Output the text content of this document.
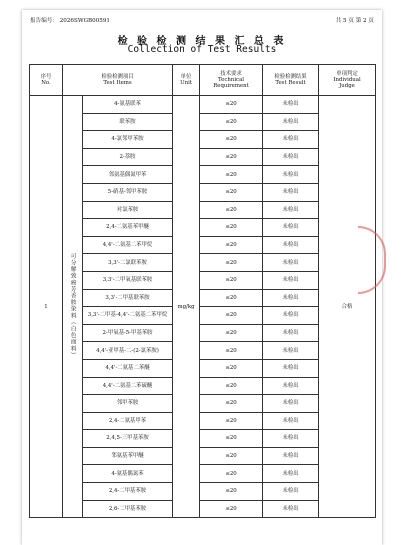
报告编号： 2026SWGB00591	共 5 页 第 2 页
检 验 检 测 结 果 汇 总 表
Collection of Test Results
序号
No.	检验检测项目
Test Items		单位
Unit	技术要求
Technical
Requirement	检验检测结果
Test Result	单项判定
Individual
Judge
1	可分解致癌芳香胺染料（白色面料）	4-氨基联苯	mg/kg	≤20	未检出	合格
		联苯胺		≤20	未检出	
		4-氯邻甲苯胺		≤20	未检出	
		2-萘胺		≤20	未检出	
		邻氨基偶氮甲苯		≤20	未检出	
		5-硝基-邻甲苯胺		≤20	未检出	
		对氯苯胺		≤20	未检出	
		2,4-二氨基苯甲醚		≤20	未检出	
		4,4'-二氨基二苯甲烷		≤20	未检出	
		3,3'-二氯联苯胺		≤20	未检出	
		3,3'-二甲氧基联苯胺		≤20	未检出	
		3,3'-二甲基联苯胺		≤20	未检出	
		3,3'-二甲基-4,4'-二氨基二苯甲烷		≤20	未检出	
		2-甲氧基-5-甲基苯胺		≤20	未检出	
		4,4'-亚甲基-二-(2-氯苯胺)		≤20	未检出	
		4,4'-二氨基二苯醚		≤20	未检出	
		4,4'-二氨基二苯硫醚		≤20	未检出	
		邻甲苯胺		≤20	未检出	
		2,4-二氨基甲苯		≤20	未检出	
		2,4,5-三甲基苯胺		≤20	未检出	
		邻氨基苯甲醚		≤20	未检出	
		4-氨基偶氮苯		≤20	未检出	
		2,4-二甲基苯胺		≤20	未检出	
		2,6-二甲基苯胺		≤20	未检出	
